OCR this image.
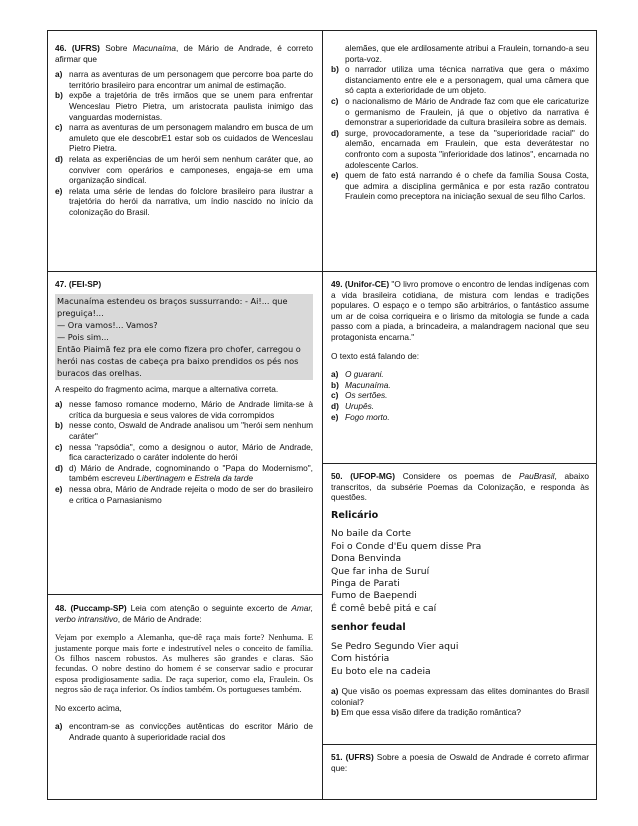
46. (UFRS) Sobre Macunaíma, de Mário de Andrade, é correto afirmar que

a) narra as aventuras de um personagem que percorre boa parte do território brasileiro para encontrar um animal de estimação.
b) expõe a trajetória de três irmãos que se unem para enfrentar Wenceslau Pietro Pietra, um aristocrata paulista inimigo das vanguardas modernistas.
c) narra as aventuras de um personagem malandro em busca de um amuleto que ele descobrE1 estar sob os cuidados de Wenceslau Pietro Pietra.
d) relata as experiências de um herói sem nenhum caráter que, ao conviver com operários e camponeses, engaja-se em uma organização sindical.
e) relata uma série de lendas do folclore brasileiro para ilustrar a trajetória do herói da narrativa, um índio nascido no início da colonização do Brasil.

47. (FEI-SP)

Macunaíma estendeu os braços sussurrando: - Ai!... que preguiça!...
— Ora vamos!... Vamos?
— Pois sim...
Então Piaimã fez pra ele como fizera pro chofer, carregou o herói nas costas de cabeça pra baixo prendidos os pés nos buracos das orelhas.

A respeito do fragmento acima, marque a alternativa correta.

a) nesse famoso romance moderno, Mário de Andrade limita-se à crítica da burguesia e seus valores de vida corrompidos
b) nesse conto, Oswald de Andrade analisou um "herói sem nenhum caráter"
c) nessa "rapsódia", como a designou o autor, Mário de Andrade, fica caracterizado o caráter indolente do herói
d) d) Mário de Andrade, cognominando o "Papa do Modernismo", também escreveu Libertinagem e Estrela da tarde
e) nessa obra, Mário de Andrade rejeita o modo de ser do brasileiro e critica o Parnasianismo

48. (Puccamp-SP) Leia com atenção o seguinte excerto de Amar, verbo intransitivo, de Mário de Andrade:

Vejam por exemplo a Alemanha, que-dê raça mais forte? Nenhuma. E justamente porque mais forte e indestrutível neles o conceito de família. Os filhos nascem robustos. As mulheres são grandes e claras. São fecundas. O nobre destino do homem é se conservar sadio e procurar esposa prodigiosamente sadia. De raça superior, como ela, Fraulein. Os negros são de raça inferior. Os índios também. Os portugueses também.

No excerto acima,

a) encontram-se as convicções autênticas do escritor Mário de Andrade quanto à superioridade racial dos
alemães, que ele ardilosamente atribui a Fraulein, tornando-a seu porta-voz.
b) o narrador utiliza uma técnica narrativa que gera o máximo distanciamento entre ele e a personagem, qual uma câmera que só capta a exterioridade de um objeto.
c) o nacionalismo de Mário de Andrade faz com que ele caricaturize o germanismo de Fraulein, já que o objetivo da narrativa é demonstrar a superioridade da cultura brasileira sobre as demais.
d) surge, provocadoramente, a tese da "superioridade racial" do alemão, encarnada em Fraulein, que esta deverátestar no confronto com a suposta "inferioridade dos latinos", encarnada no adolescente Carlos.
e) quem de fato está narrando é o chefe da família Sousa Costa, que admira a disciplina germânica e por esta razão contratou Fraulein como preceptora na iniciação sexual de seu filho Carlos.

49. (Unifor-CE) "O livro promove o encontro de lendas indígenas com a vida brasileira cotidiana, de mistura com lendas e tradições populares. O espaço e o tempo são arbitrários, o fantástico assume um ar de coisa corriqueira e o lirismo da mitologia se funde a cada passo com a piada, a brincadeira, a malandragem nacional que seu protagonista encarna."

O texto está falando de:

a) O guarani.
b) Macunaíma.
c) Os sertões.
d) Urupês.
e) Fogo morto.

50. (UFOP-MG) Considere os poemas de PauBrasil, abaixo transcritos, da subsérie Poemas da Colonização, e responda às questões.

Relicário
No baile da Corte
Foi o Conde d'Eu quem disse Pra
Dona Benvinda
Que far inha de Suruí
Pinga de Parati
Fumo de Baependi
É comê bebê pitá e caí
senhor feudal
Se Pedro Segundo Vier aqui
Com história
Eu boto ele na cadeia

a) Que visão os poemas expressam das elites dominantes do Brasil colonial?

b) Em que essa visão difere da tradição romântica?

51. (UFRS) Sobre a poesia de Oswald de Andrade é correto afirmar que:
